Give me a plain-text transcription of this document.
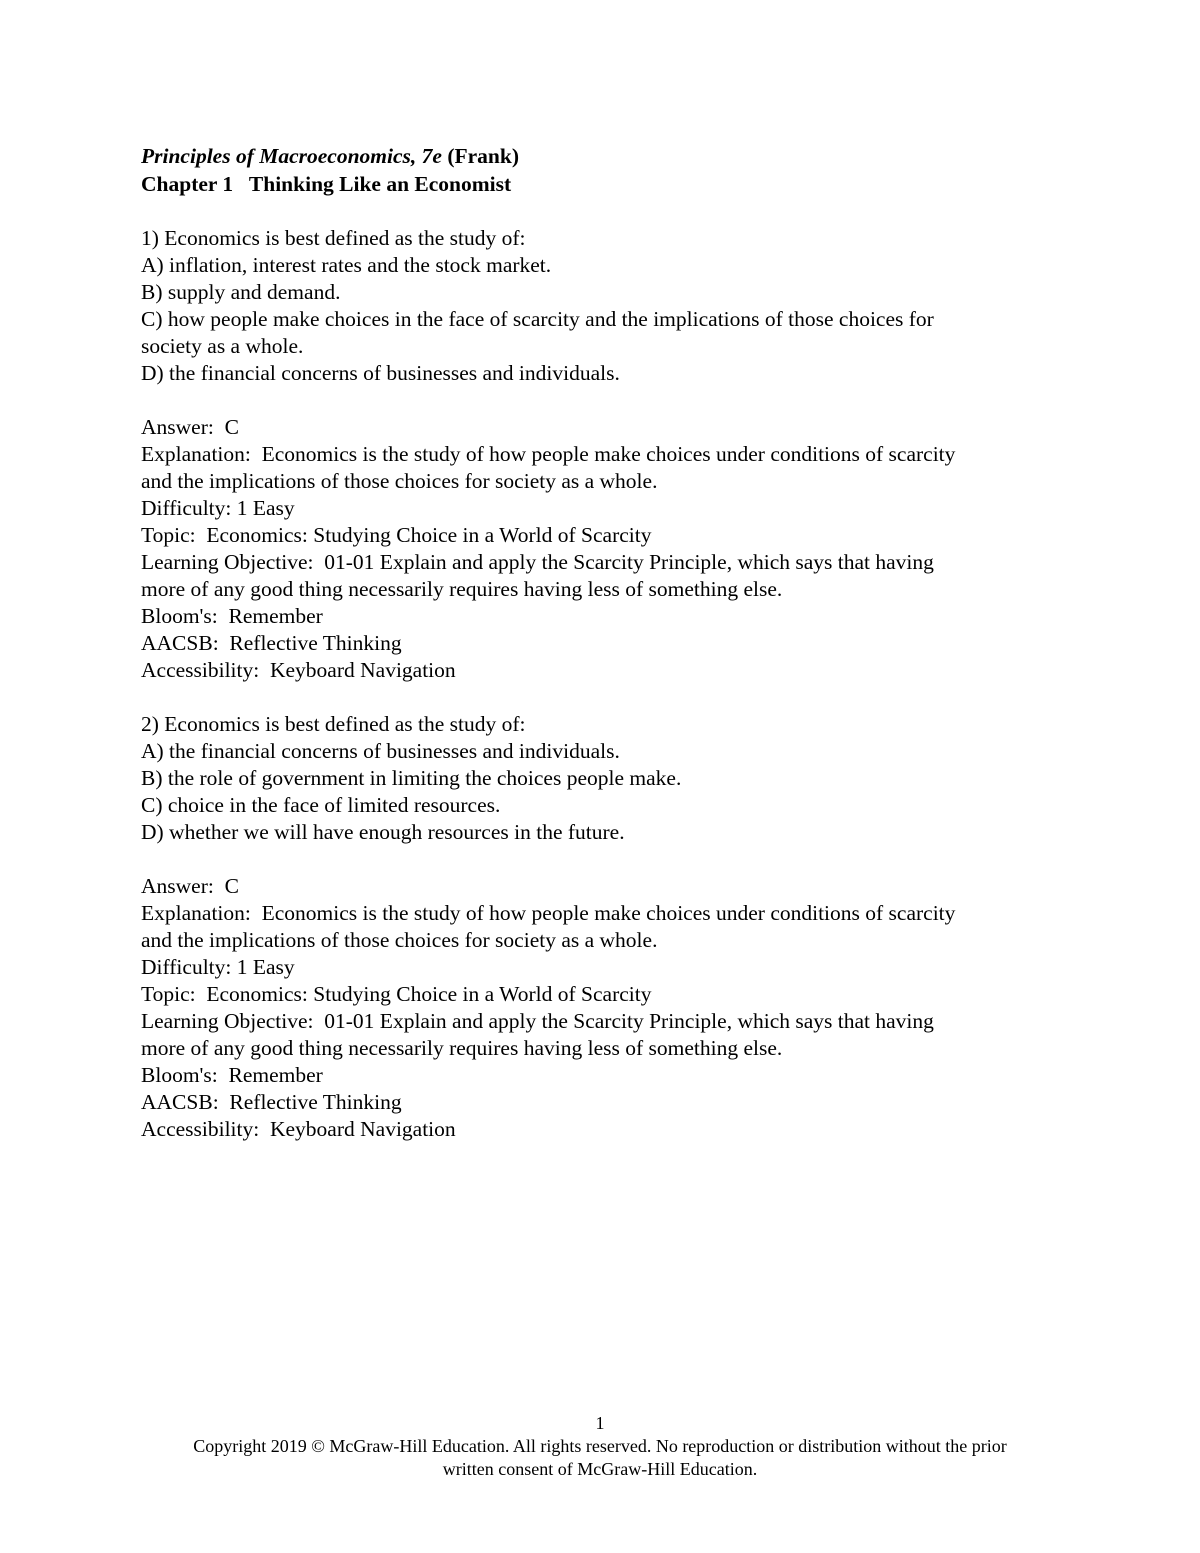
Principles of Macroeconomics, 7e (Frank)
Chapter 1   Thinking Like an Economist
1) Economics is best defined as the study of:
A) inflation, interest rates and the stock market.
B) supply and demand.
C) how people make choices in the face of scarcity and the implications of those choices for
society as a whole.
D) the financial concerns of businesses and individuals.
Answer:  C
Explanation:  Economics is the study of how people make choices under conditions of scarcity
and the implications of those choices for society as a whole.
Difficulty: 1 Easy
Topic:  Economics: Studying Choice in a World of Scarcity
Learning Objective:  01-01 Explain and apply the Scarcity Principle, which says that having
more of any good thing necessarily requires having less of something else.
Bloom's:  Remember
AACSB:  Reflective Thinking
Accessibility:  Keyboard Navigation
2) Economics is best defined as the study of:
A) the financial concerns of businesses and individuals.
B) the role of government in limiting the choices people make.
C) choice in the face of limited resources.
D) whether we will have enough resources in the future.
Answer:  C
Explanation:  Economics is the study of how people make choices under conditions of scarcity
and the implications of those choices for society as a whole.
Difficulty: 1 Easy
Topic:  Economics: Studying Choice in a World of Scarcity
Learning Objective:  01-01 Explain and apply the Scarcity Principle, which says that having
more of any good thing necessarily requires having less of something else.
Bloom's:  Remember
AACSB:  Reflective Thinking
Accessibility:  Keyboard Navigation
1
Copyright 2019 © McGraw-Hill Education. All rights reserved. No reproduction or distribution without the prior
written consent of McGraw-Hill Education.
